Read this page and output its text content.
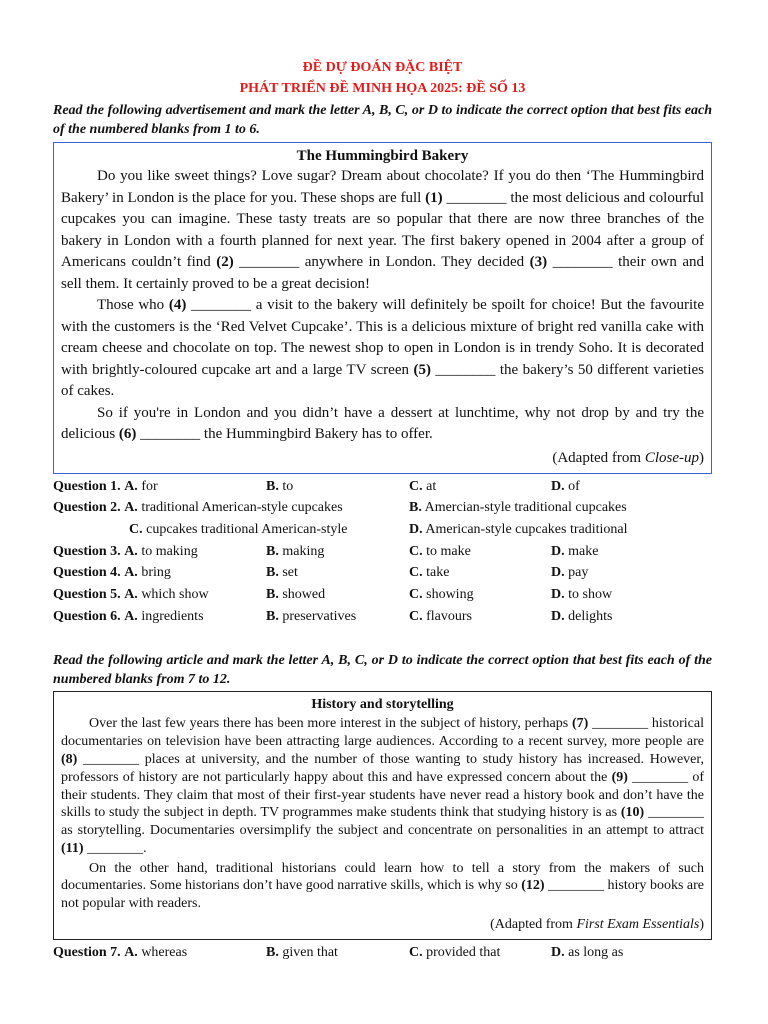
ĐỀ DỰ ĐOÁN ĐẶC BIỆT
PHÁT TRIỂN ĐỀ MINH HỌA 2025: ĐỀ SỐ 13
Read the following advertisement and mark the letter A, B, C, or D to indicate the correct option that best fits each of the numbered blanks from 1 to 6.
The Hummingbird Bakery

Do you like sweet things? Love sugar? Dream about chocolate? If you do then ‘The Hummingbird Bakery’ in London is the place for you. These shops are full (1) ________ the most delicious and colourful cupcakes you can imagine. These tasty treats are so popular that there are now three branches of the bakery in London with a fourth planned for next year. The first bakery opened in 2004 after a group of Americans couldn’t find (2) ________ anywhere in London. They decided (3) ________ their own and sell them. It certainly proved to be a great decision!

Those who (4) ________ a visit to the bakery will definitely be spoilt for choice! But the favourite with the customers is the ‘Red Velvet Cupcake’. This is a delicious mixture of bright red vanilla cake with cream cheese and chocolate on top. The newest shop to open in London is in trendy Soho. It is decorated with brightly-coloured cupcake art and a large TV screen (5) ________ the bakery’s 50 different varieties of cakes.

So if you're in London and you didn’t have a dessert at lunchtime, why not drop by and try the delicious (6) ________ the Hummingbird Bakery has to offer.

(Adapted from Close-up)
Question 1. A. for	B. to	C. at	D. of
Question 2. A. traditional American-style cupcakes	B. Amercian-style traditional cupcakes
C. cupcakes traditional American-style	D. American-style cupcakes traditional
Question 3. A. to making	B. making	C. to make	D. make
Question 4. A. bring	B. set	C. take	D. pay
Question 5. A. which show	B. showed	C. showing	D. to show
Question 6. A. ingredients	B. preservatives	C. flavours	D. delights
Read the following article and mark the letter A, B, C, or D to indicate the correct option that best fits each of the numbered blanks from 7 to 12.
History and storytelling

Over the last few years there has been more interest in the subject of history, perhaps (7) ________ historical documentaries on television have been attracting large audiences. According to a recent survey, more people are (8) ________ places at university, and the number of those wanting to study history has increased. However, professors of history are not particularly happy about this and have expressed concern about the (9) ________ of their students. They claim that most of their first-year students have never read a history book and don’t have the skills to study the subject in depth. TV programmes make students think that studying history is as (10) ________ as storytelling. Documentaries oversimplify the subject and concentrate on personalities in an attempt to attract (11) ________.

On the other hand, traditional historians could learn how to tell a story from the makers of such documentaries. Some historians don’t have good narrative skills, which is why so (12) ________ history books are not popular with readers.

(Adapted from First Exam Essentials)
Question 7. A. whereas	B. given that	C. provided that	D. as long as
